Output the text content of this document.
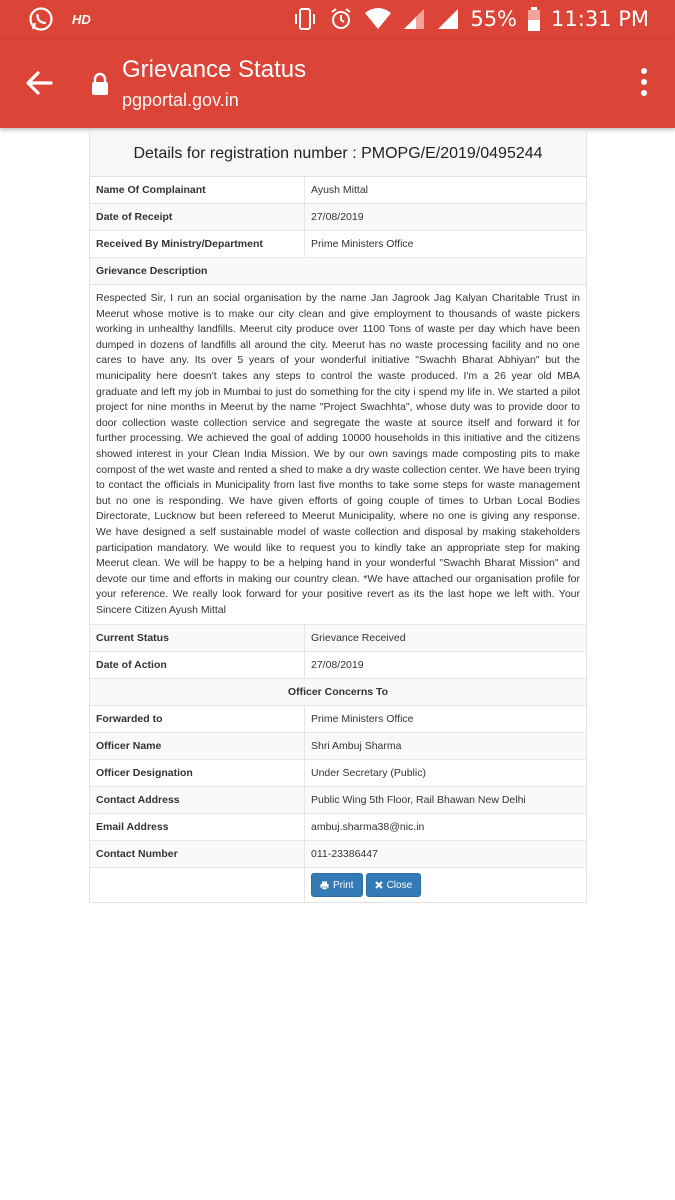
HD	55% 11:31 PM
Grievance Status
pgportal.gov.in
Details for registration number : PMOPG/E/2019/0495244
Name Of Complainant	Ayush Mittal
Date of Receipt	27/08/2019
Received By Ministry/Department	Prime Ministers Office
Grievance Description
Respected Sir, I run an social organisation by the name Jan Jagrook Jag Kalyan Charitable Trust in Meerut whose motive is to make our city clean and give employment to thousands of waste pickers working in unhealthy landfills. Meerut city produce over 1100 Tons of waste per day which have been dumped in dozens of landfills all around the city. Meerut has no waste processing facility and no one cares to have any. Its over 5 years of your wonderful initiative "Swachh Bharat Abhiyan" but the municipality here doesn't takes any steps to control the waste produced. I'm a 26 year old MBA graduate and left my job in Mumbai to just do something for the city i spend my life in. We started a pilot project for nine months in Meerut by the name "Project Swachhta", whose duty was to provide door to door collection waste collection service and segregate the waste at source itself and forward it for further processing. We achieved the goal of adding 10000 households in this initiative and the citizens showed interest in your Clean India Mission. We by our own savings made composting pits to make compost of the wet waste and rented a shed to make a dry waste collection center. We have been trying to contact the officials in Municipality from last five months to take some steps for waste management but no one is responding. We have given efforts of going couple of times to Urban Local Bodies Directorate, Lucknow but been refereed to Meerut Municipality, where no one is giving any response. We have designed a self sustainable model of waste collection and disposal by making stakeholders participation mandatory. We would like to request you to kindly take an appropriate step for making Meerut clean. We will be happy to be a helping hand in your wonderful "Swachh Bharat Mission" and devote our time and efforts in making our country clean. *We have attached our organisation profile for your reference. We really look forward for your positive revert as its the last hope we left with. Your Sincere Citizen Ayush Mittal
Current Status	Grievance Received
Date of Action	27/08/2019
Officer Concerns To
Forwarded to	Prime Ministers Office
Officer Name	Shri Ambuj Sharma
Officer Designation	Under Secretary (Public)
Contact Address	Public Wing 5th Floor, Rail Bhawan New Delhi
Email Address	ambuj.sharma38@nic.in
Contact Number	011-23386447
Print	Close
